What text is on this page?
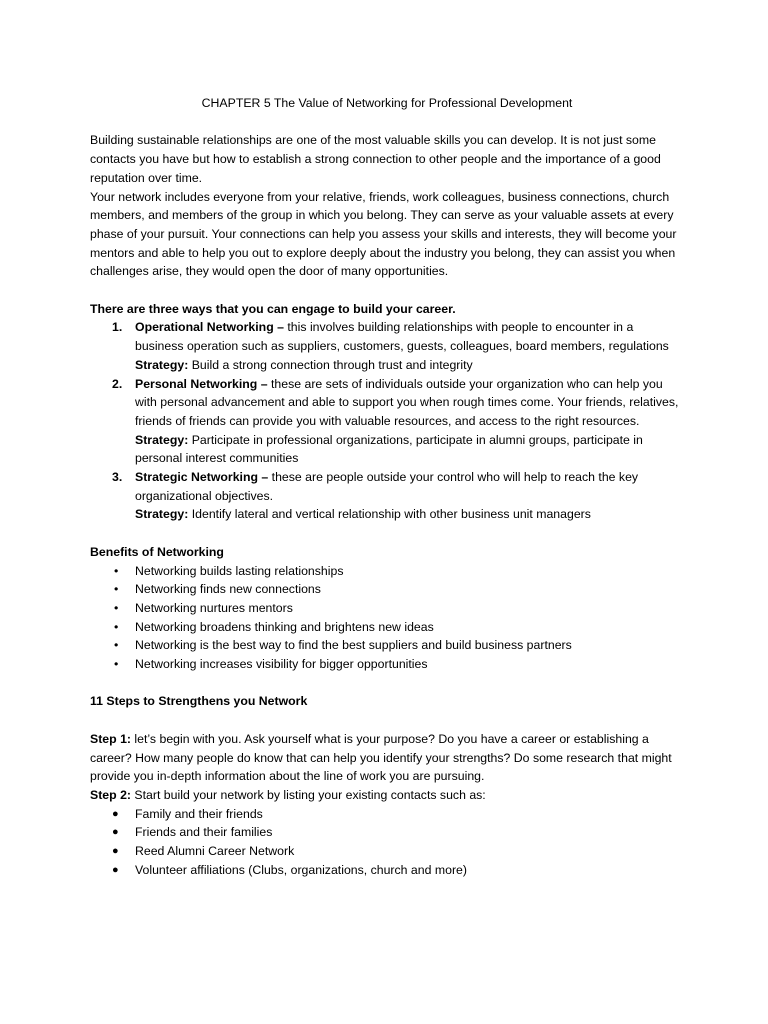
CHAPTER 5 The Value of Networking for Professional Development

Building sustainable relationships are one of the most valuable skills you can develop. It is not just some contacts you have but how to establish a strong connection to other people and the importance of a good reputation over time.

Your network includes everyone from your relative, friends, work colleagues, business connections, church members, and members of the group in which you belong. They can serve as your valuable assets at every phase of your pursuit. Your connections can help you assess your skills and interests, they will become your mentors and able to help you out to explore deeply about the industry you belong, they can assist you when challenges arise, they would open the door of many opportunities.

There are three ways that you can engage to build your career.

1. Operational Networking – this involves building relationships with people to encounter in a business operation such as suppliers, customers, guests, colleagues, board members, regulations

Strategy: Build a strong connection through trust and integrity

2. Personal Networking – these are sets of individuals outside your organization who can help you with personal advancement and able to support you when rough times come. Your friends, relatives, friends of friends can provide you with valuable resources, and access to the right resources.

Strategy: Participate in professional organizations, participate in alumni groups, participate in personal interest communities

3. Strategic Networking – these are people outside your control who will help to reach the key organizational objectives.

Strategy: Identify lateral and vertical relationship with other business unit managers

Benefits of Networking

• Networking builds lasting relationships
• Networking finds new connections
• Networking nurtures mentors
• Networking broadens thinking and brightens new ideas
• Networking is the best way to find the best suppliers and build business partners
• Networking increases visibility for bigger opportunities

11 Steps to Strengthens you Network

Step 1: let’s begin with you. Ask yourself what is your purpose? Do you have a career or establishing a career? How many people do know that can help you identify your strengths? Do some research that might provide you in-depth information about the line of work you are pursuing.

Step 2: Start build your network by listing your existing contacts such as:

● Family and their friends
● Friends and their families
● Reed Alumni Career Network
● Volunteer affiliations (Clubs, organizations, church and more)
